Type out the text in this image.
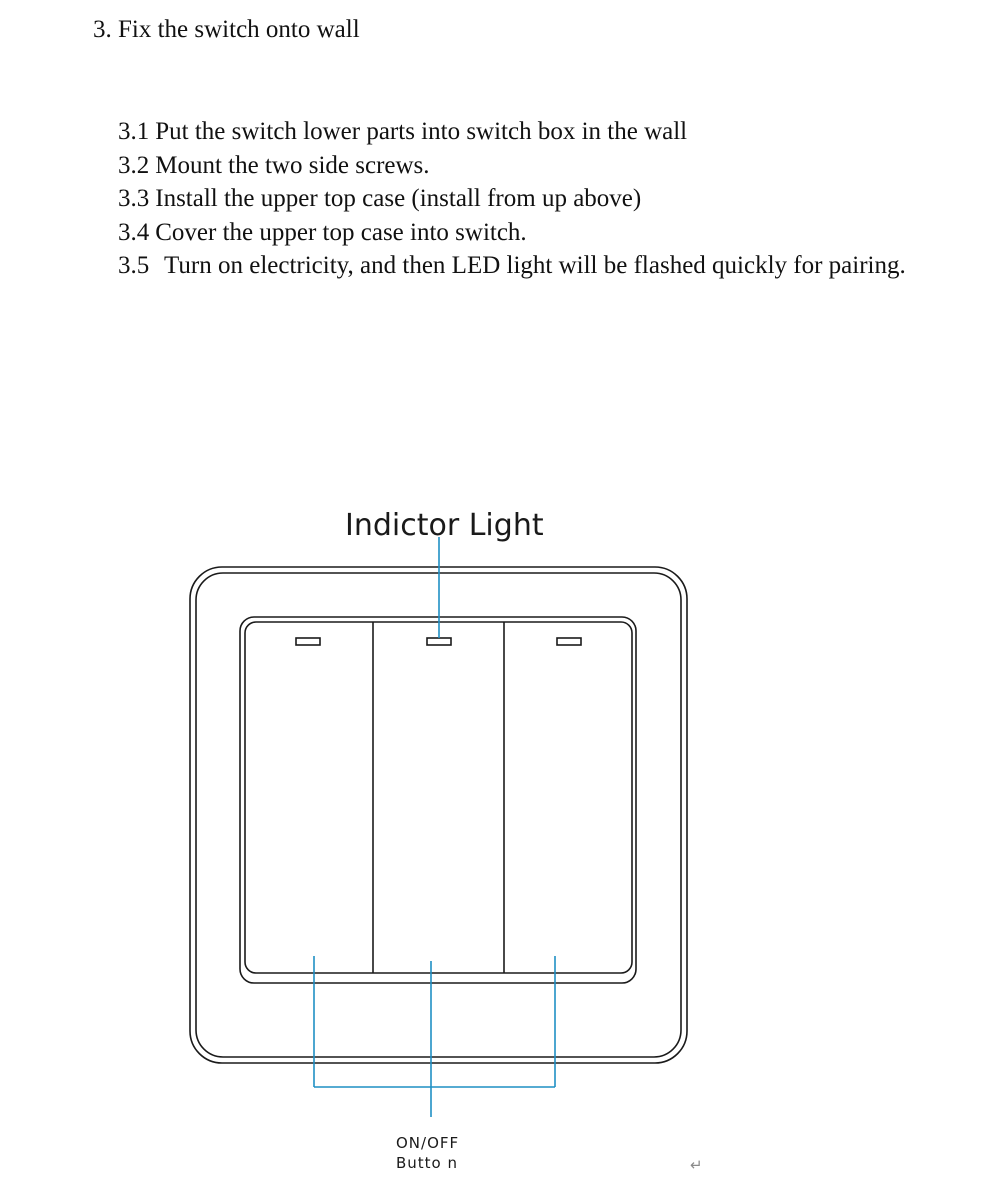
3. Fix the switch onto wall
3.1 Put the switch lower parts into switch box in the wall
3.2 Mount the two side screws.
3.3 Install the upper top case (install from up above)
3.4 Cover the upper top case into switch.
3.5 Turn on electricity, and then LED light will be flashed quickly for pairing.
Indictor Light
ON/OFF
Butto n	↵
